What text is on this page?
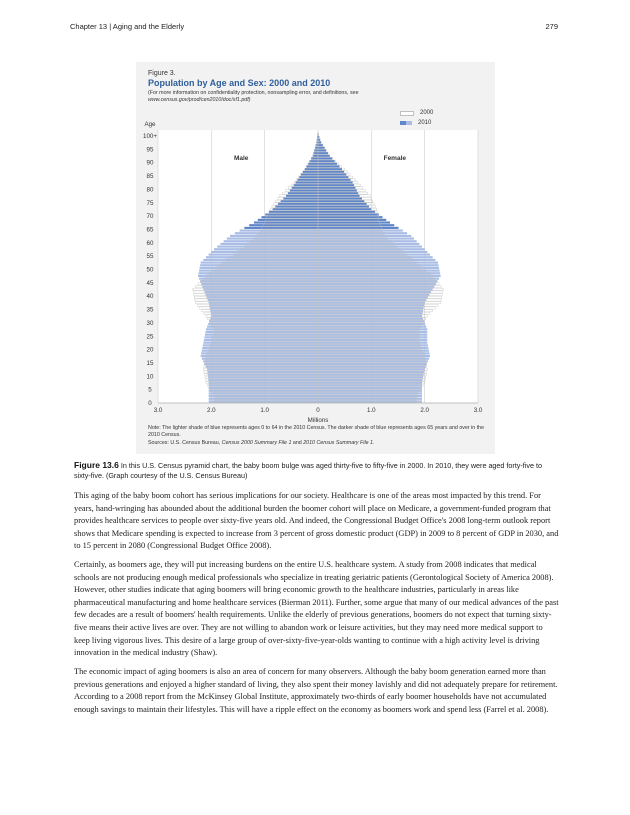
Chapter 13 | Aging and the Elderly	279
Figure 3.
Population by Age and Sex: 2000 and 2010
(For more information on confidentiality protection, nonsampling error, and definitions, see
www.census.gov/prod/cen2010/doc/sf1.pdf)
2000
2010
3.0	2.0	1.0	0	1.0	2.0	3.0
0
5
10
15
20
25
30
35
40
45
50
55
60
65
70
75
80
85
90
95
100+
Age
Millions
Male	Female
Note: The lighter shade of blue represents ages 0 to 64 in the 2010 Census. The darker shade of blue represents ages 65 years and over in the 2010 Census.
Sources: U.S. Census Bureau, Census 2000 Summary File 1 and 2010 Census Summary File 1.
Figure 13.6 In this U.S. Census pyramid chart, the baby boom bulge was aged thirty-five to fifty-five in 2000. In 2010, they were aged forty-five to sixty-five. (Graph courtesy of the U.S. Census Bureau)

This aging of the baby boom cohort has serious implications for our society. Healthcare is one of the areas most impacted by this trend. For years, hand-wringing has abounded about the additional burden the boomer cohort will place on Medicare, a government-funded program that provides healthcare services to people over sixty-five years old. And indeed, the Congressional Budget Office's 2008 long-term outlook report shows that Medicare spending is expected to increase from 3 percent of gross domestic product (GDP) in 2009 to 8 percent of GDP in 2030, and to 15 percent in 2080 (Congressional Budget Office 2008).

Certainly, as boomers age, they will put increasing burdens on the entire U.S. healthcare system. A study from 2008 indicates that medical schools are not producing enough medical professionals who specialize in treating geriatric patients (Gerontological Society of America 2008). However, other studies indicate that aging boomers will bring economic growth to the healthcare industries, particularly in areas like pharmaceutical manufacturing and home healthcare services (Bierman 2011). Further, some argue that many of our medical advances of the past few decades are a result of boomers' health requirements. Unlike the elderly of previous generations, boomers do not expect that turning sixty-five means their active lives are over. They are not willing to abandon work or leisure activities, but they may need more medical support to keep living vigorous lives. This desire of a large group of over-sixty-five-year-olds wanting to continue with a high activity level is driving innovation in the medical industry (Shaw).

The economic impact of aging boomers is also an area of concern for many observers. Although the baby boom generation earned more than previous generations and enjoyed a higher standard of living, they also spent their money lavishly and did not adequately prepare for retirement. According to a 2008 report from the McKinsey Global Institute, approximately two-thirds of early boomer households have not accumulated enough savings to maintain their lifestyles. This will have a ripple effect on the economy as boomers work and spend less (Farrel et al. 2008).
